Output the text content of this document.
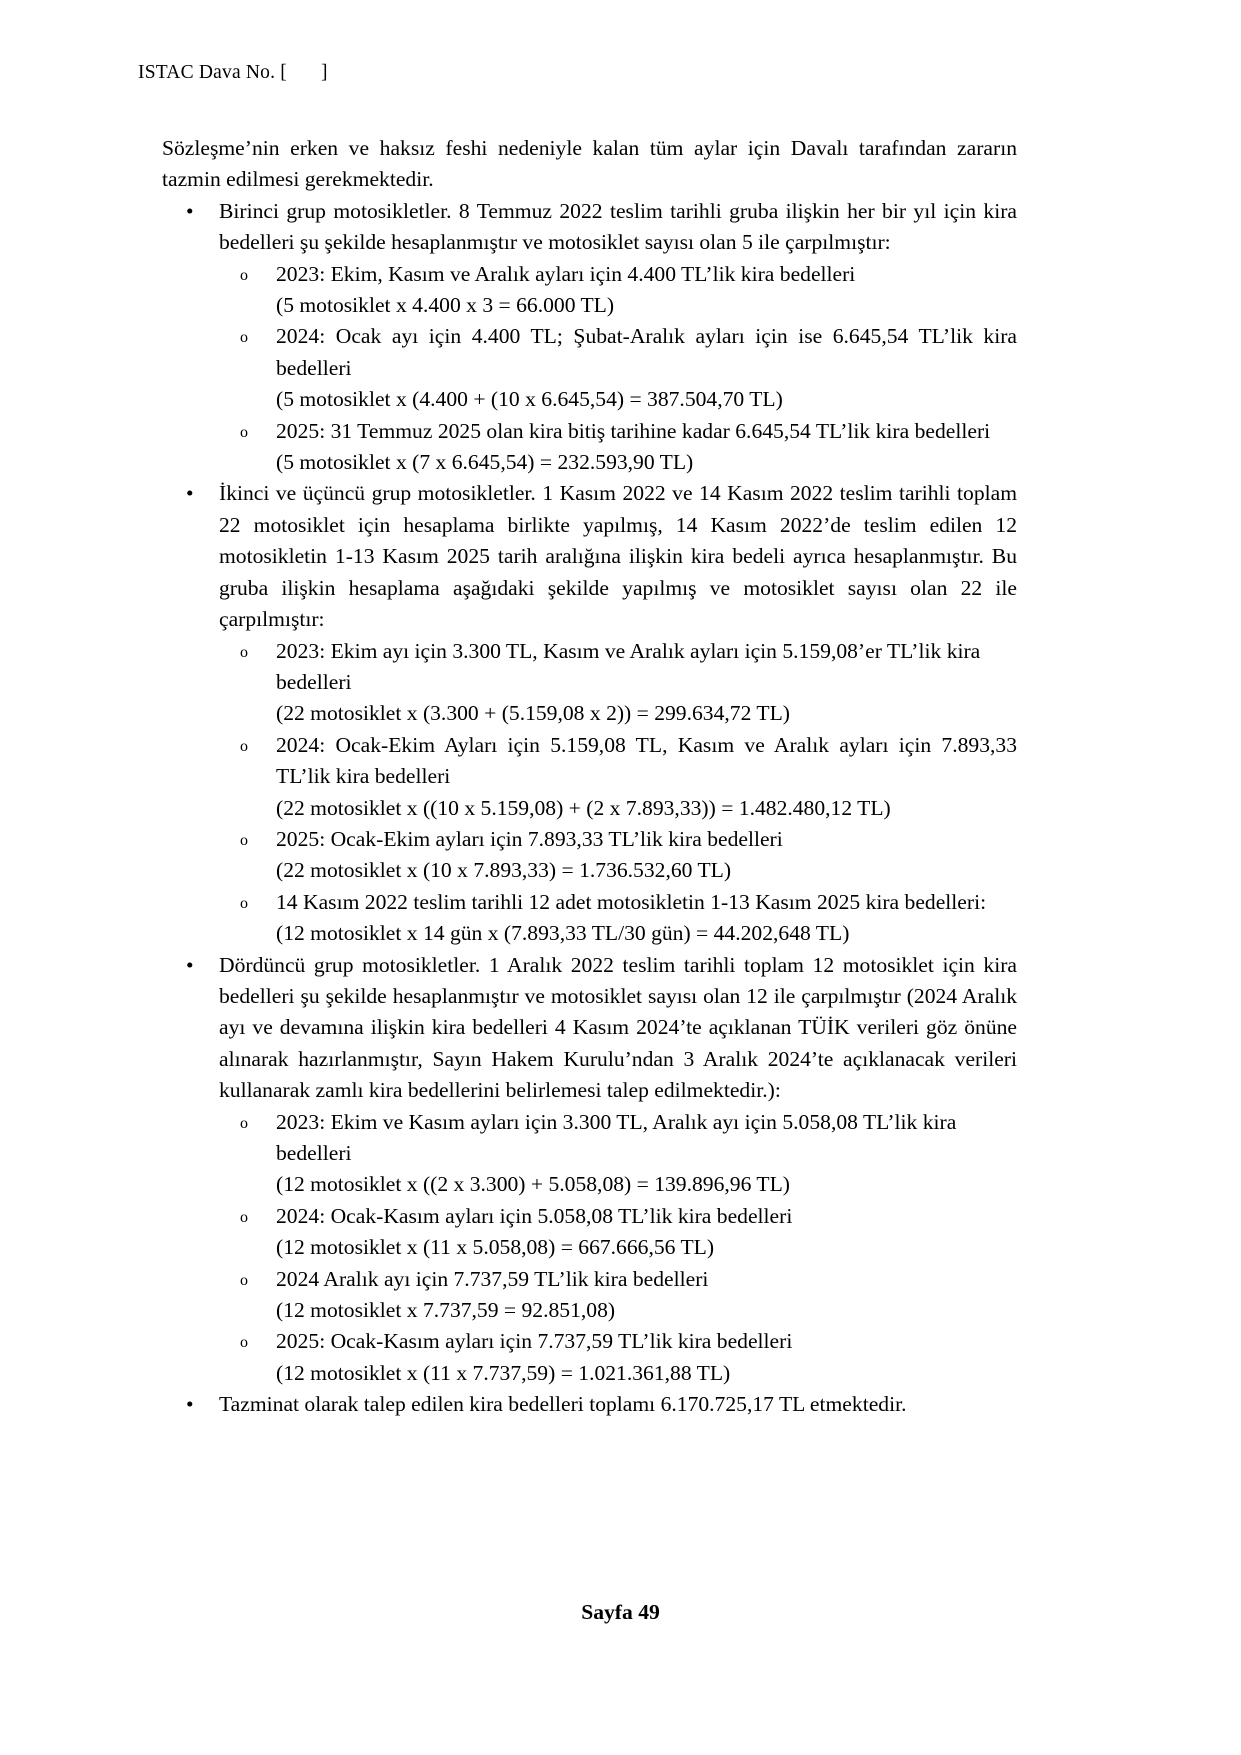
ISTAC Dava No. [ ]

Sözleşme’nin erken ve haksız feshi nedeniyle kalan tüm aylar için Davalı tarafından zararın tazmin edilmesi gerekmektedir.

• Birinci grup motosikletler. 8 Temmuz 2022 teslim tarihli gruba ilişkin her bir yıl için kira bedelleri şu şekilde hesaplanmıştır ve motosiklet sayısı olan 5 ile çarpılmıştır:
o 2023: Ekim, Kasım ve Aralık ayları için 4.400 TL’lik kira bedelleri
(5 motosiklet x 4.400 x 3 = 66.000 TL)
o 2024: Ocak ayı için 4.400 TL; Şubat-Aralık ayları için ise 6.645,54 TL’lik kira bedelleri
(5 motosiklet x (4.400 + (10 x 6.645,54) = 387.504,70 TL)
o 2025: 31 Temmuz 2025 olan kira bitiş tarihine kadar 6.645,54 TL’lik kira bedelleri
(5 motosiklet x (7 x 6.645,54) = 232.593,90 TL)
• İkinci ve üçüncü grup motosikletler. 1 Kasım 2022 ve 14 Kasım 2022 teslim tarihli toplam 22 motosiklet için hesaplama birlikte yapılmış, 14 Kasım 2022’de teslim edilen 12 motosikletin 1-13 Kasım 2025 tarih aralığına ilişkin kira bedeli ayrıca hesaplanmıştır. Bu gruba ilişkin hesaplama aşağıdaki şekilde yapılmış ve motosiklet sayısı olan 22 ile çarpılmıştır:
o 2023: Ekim ayı için 3.300 TL, Kasım ve Aralık ayları için 5.159,08’er TL’lik kira bedelleri
(22 motosiklet x (3.300 + (5.159,08 x 2)) = 299.634,72 TL)
o 2024: Ocak-Ekim Ayları için 5.159,08 TL, Kasım ve Aralık ayları için 7.893,33 TL’lik kira bedelleri
(22 motosiklet x ((10 x 5.159,08) + (2 x 7.893,33)) = 1.482.480,12 TL)
o 2025: Ocak-Ekim ayları için 7.893,33 TL’lik kira bedelleri
(22 motosiklet x (10 x 7.893,33) = 1.736.532,60 TL)
o 14 Kasım 2022 teslim tarihli 12 adet motosikletin 1-13 Kasım 2025 kira bedelleri:
(12 motosiklet x 14 gün x (7.893,33 TL/30 gün) = 44.202,648 TL)
• Dördüncü grup motosikletler. 1 Aralık 2022 teslim tarihli toplam 12 motosiklet için kira bedelleri şu şekilde hesaplanmıştır ve motosiklet sayısı olan 12 ile çarpılmıştır (2024 Aralık ayı ve devamına ilişkin kira bedelleri 4 Kasım 2024’te açıklanan TÜİK verileri göz önüne alınarak hazırlanmıştır, Sayın Hakem Kurulu’ndan 3 Aralık 2024’te açıklanacak verileri kullanarak zamlı kira bedellerini belirlemesi talep edilmektedir.):
o 2023: Ekim ve Kasım ayları için 3.300 TL, Aralık ayı için 5.058,08 TL’lik kira bedelleri
(12 motosiklet x ((2 x 3.300) + 5.058,08) = 139.896,96 TL)
o 2024: Ocak-Kasım ayları için 5.058,08 TL’lik kira bedelleri
(12 motosiklet x (11 x 5.058,08) = 667.666,56 TL)
o 2024 Aralık ayı için 7.737,59 TL’lik kira bedelleri
(12 motosiklet x 7.737,59 = 92.851,08)
o 2025: Ocak-Kasım ayları için 7.737,59 TL’lik kira bedelleri
(12 motosiklet x (11 x 7.737,59) = 1.021.361,88 TL)
• Tazminat olarak talep edilen kira bedelleri toplamı 6.170.725,17 TL etmektedir.
Sayfa 49
